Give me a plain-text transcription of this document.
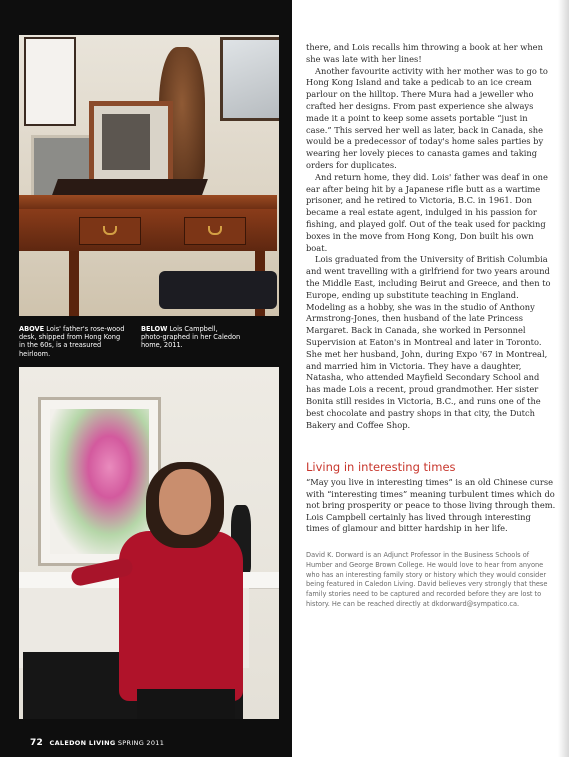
ABOVE Lois' father's rose-wood desk, shipped from Hong Kong in the 60s, is a treasured heirloom.
BELOW Lois Campbell, photo-graphed in her Caledon home, 2011.
72 CALEDON LIVING SPRING 2011

there, and Lois recalls him throwing a book at her when she was late with her lines!

Another favourite activity with her mother was to go to Hong Kong Island and take a pedicab to an ice cream parlour on the hilltop. There Mura had a jeweller who crafted her designs. From past experience she always made it a point to keep some assets portable “just in case.” This served her well as later, back in Canada, she would be a predecessor of today's home sales parties by wearing her lovely pieces to canasta games and taking orders for duplicates.

And return home, they did. Lois' father was deaf in one ear after being hit by a Japanese rifle butt as a wartime prisoner, and he retired to Victoria, B.C. in 1961. Don became a real estate agent, indulged in his passion for fishing, and played golf. Out of the teak used for packing boxes in the move from Hong Kong, Don built his own boat.

Lois graduated from the University of British Columbia and went travelling with a girlfriend for two years around the Middle East, including Beirut and Greece, and then to Europe, ending up substitute teaching in England. Modeling as a hobby, she was in the studio of Anthony Armstrong-Jones, then husband of the late Princess Margaret. Back in Canada, she worked in Personnel Supervision at Eaton's in Montreal and later in Toronto. She met her husband, John, during Expo '67 in Montreal, and married him in Victoria. They have a daughter, Natasha, who attended Mayfield Secondary School and has made Lois a recent, proud grandmother. Her sister Bonita still resides in Victoria, B.C., and runs one of the best chocolate and pastry shops in that city, the Dutch Bakery and Coffee Shop.

Living in interesting times
“May you live in interesting times” is an old Chinese curse with “interesting times” meaning turbulent times which do not bring prosperity or peace to those living through them. Lois Campbell certainly has lived through interesting times of glamour and bitter hardship in her life.
David K. Dorward is an Adjunct Professor in the Business Schools of Humber and George Brown College. He would love to hear from anyone who has an interesting family story or history which they would consider being featured in Caledon Living. David believes very strongly that these family stories need to be captured and recorded before they are lost to history. He can be reached directly at dkdorward@sympatico.ca.
